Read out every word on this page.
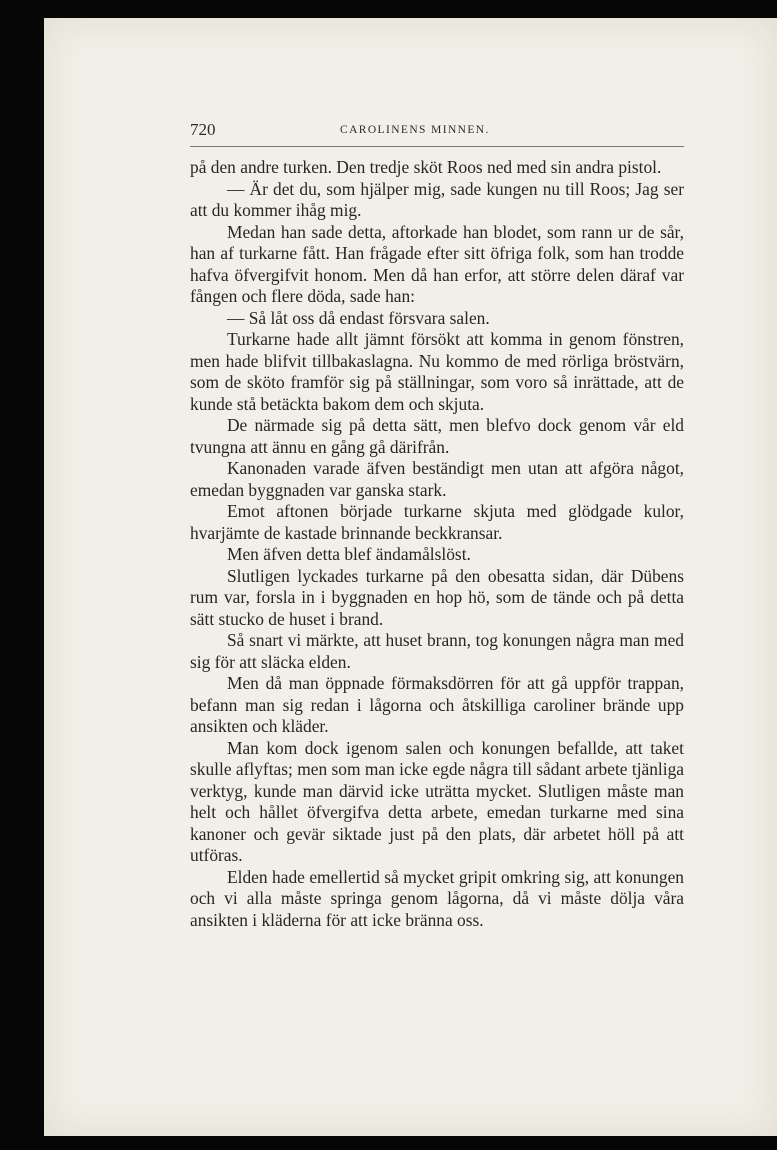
720	CAROLINENS MINNEN.

på den andre turken. Den tredje sköt Roos ned med sin andra pistol.

— Är det du, som hjälper mig, sade kungen nu till Roos; Jag ser att du kommer ihåg mig.

Medan han sade detta, aftorkade han blodet, som rann ur de sår, han af turkarne fått. Han frågade efter sitt öfriga folk, som han trodde hafva öfvergifvit honom. Men då han erfor, att större delen däraf var fången och flere döda, sade han:

— Så låt oss då endast försvara salen.

Turkarne hade allt jämnt försökt att komma in genom fönstren, men hade blifvit tillbakaslagna. Nu kommo de med rörliga bröstvärn, som de sköto framför sig på ställningar, som voro så inrättade, att de kunde stå betäckta bakom dem och skjuta.

De närmade sig på detta sätt, men blefvo dock genom vår eld tvungna att ännu en gång gå därifrån.

Kanonaden varade äfven beständigt men utan att afgöra något, emedan byggnaden var ganska stark.

Emot aftonen började turkarne skjuta med glödgade kulor, hvarjämte de kastade brinnande beckkransar.

Men äfven detta blef ändamålslöst.

Slutligen lyckades turkarne på den obesatta sidan, där Dübens rum var, forsla in i byggnaden en hop hö, som de tände och på detta sätt stucko de huset i brand.

Så snart vi märkte, att huset brann, tog konungen några man med sig för att släcka elden.

Men då man öppnade förmaksdörren för att gå uppför trappan, befann man sig redan i lågorna och åtskilliga caroliner brände upp ansikten och kläder.

Man kom dock igenom salen och konungen befallde, att taket skulle aflyftas; men som man icke egde några till sådant arbete tjänliga verktyg, kunde man därvid icke uträtta mycket. Slutligen måste man helt och hållet öfvergifva detta arbete, emedan turkarne med sina kanoner och gevär siktade just på den plats, där arbetet höll på att utföras.

Elden hade emellertid så mycket gripit omkring sig, att konungen och vi alla måste springa genom lågorna, då vi måste dölja våra ansikten i kläderna för att icke bränna oss.
